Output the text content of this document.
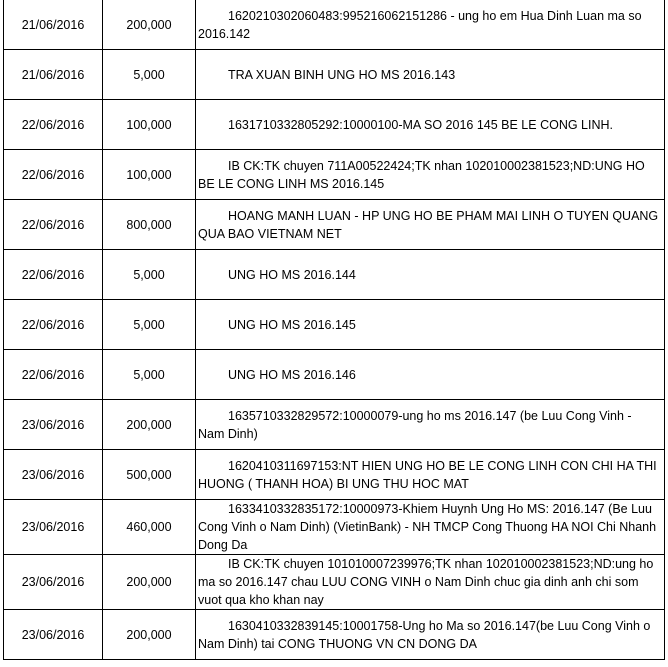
21/06/2016	200,000	1620210302060483:995216062151286 - ung ho em Hua Dinh Luan ma so 2016.142
21/06/2016	5,000	TRA XUAN BINH UNG HO MS 2016.143
22/06/2016	100,000	1631710332805292:10000100-MA SO 2016 145 BE LE CONG LINH.
22/06/2016	100,000	IB CK:TK chuyen 711A00522424;TK nhan 102010002381523;ND:UNG HO BE LE CONG LINH MS 2016.145
22/06/2016	800,000	HOANG MANH LUAN - HP UNG HO BE PHAM MAI LINH O TUYEN QUANG QUA BAO VIETNAM NET
22/06/2016	5,000	UNG HO MS 2016.144
22/06/2016	5,000	UNG HO MS 2016.145
22/06/2016	5,000	UNG HO MS 2016.146
23/06/2016	200,000	1635710332829572:10000079-ung ho ms 2016.147 (be Luu Cong Vinh - Nam Dinh)
23/06/2016	500,000	1620410311697153:NT HIEN UNG HO BE LE CONG LINH CON CHI HA THI HUONG ( THANH HOA) BI UNG THU HOC MAT
23/06/2016	460,000	1633410332835172:10000973-Khiem Huynh Ung Ho MS: 2016.147 (Be Luu Cong Vinh o Nam Dinh) (VietinBank) - NH TMCP Cong Thuong HA NOI Chi Nhanh Dong Da
23/06/2016	200,000	IB CK:TK chuyen 101010007239976;TK nhan 102010002381523;ND:ung ho ma so 2016.147 chau LUU CONG VINH o Nam Dinh chuc gia dinh anh chi som vuot qua kho khan nay
23/06/2016	200,000	1630410332839145:10001758-Ung ho Ma so 2016.147(be Luu Cong Vinh o Nam Dinh) tai CONG THUONG VN CN DONG DA
